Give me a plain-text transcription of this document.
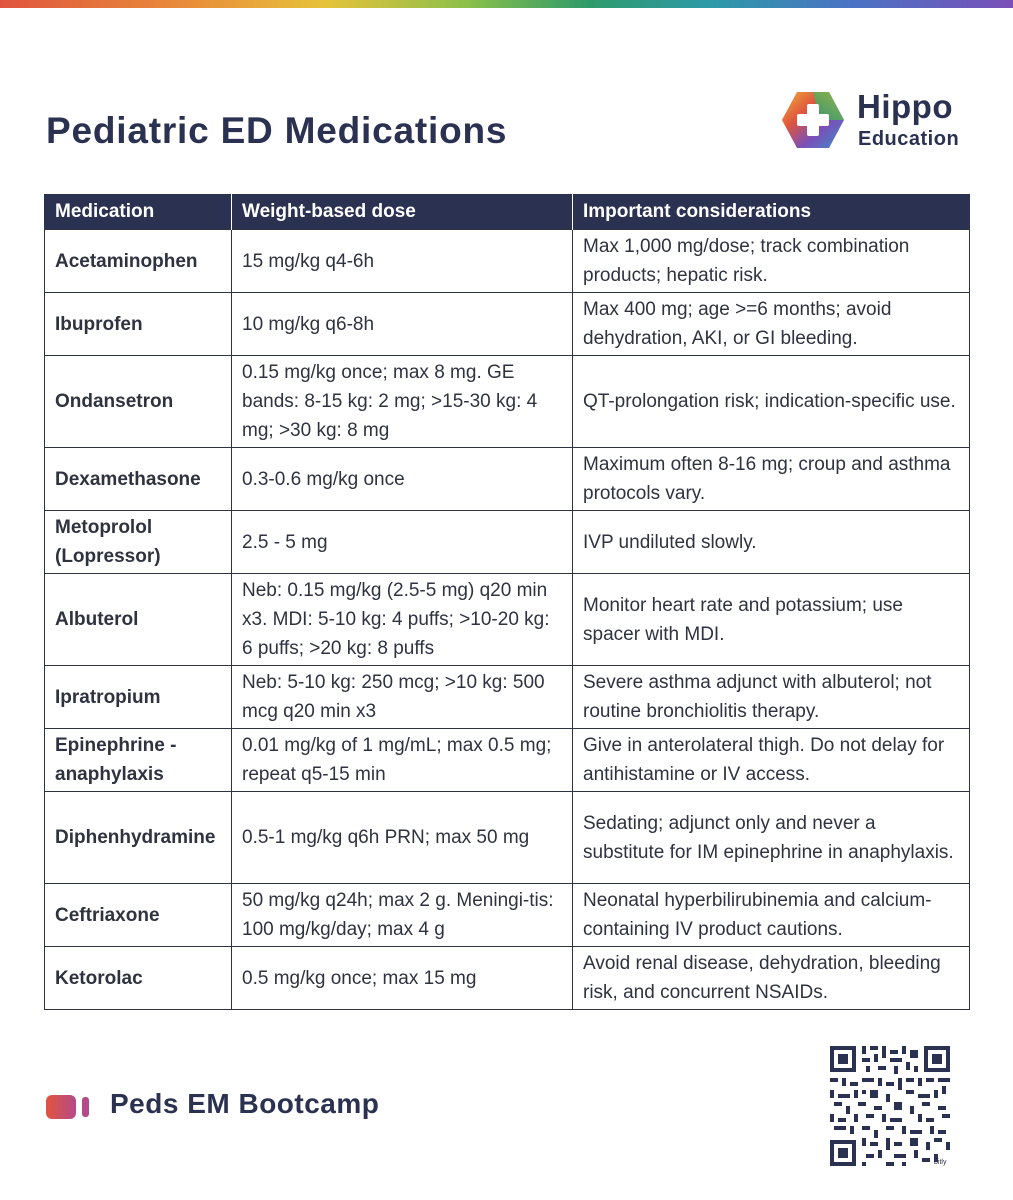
Pediatric ED Medications
Hippo
Education
Medication	Weight-based dose	Important considerations
Acetaminophen	15 mg/kg q4-6h	Max 1,000 mg/dose; track combination products; hepatic risk.
Ibuprofen	10 mg/kg q6-8h	Max 400 mg; age >=6 months; avoid dehydration, AKI, or GI bleeding.
Ondansetron	0.15 mg/kg once; max 8 mg. GE bands: 8-15 kg: 2 mg; >15-30 kg: 4 mg; >30 kg: 8 mg	QT-prolongation risk; indication-specific use.
Dexamethasone	0.3-0.6 mg/kg once	Maximum often 8-16 mg; croup and asthma protocols vary.
Metoprolol (Lopressor)	2.5 - 5 mg	IVP undiluted slowly.
Albuterol	Neb: 0.15 mg/kg (2.5-5 mg) q20 min x3. MDI: 5-10 kg: 4 puffs; >10-20 kg: 6 puffs; >20 kg: 8 puffs	Monitor heart rate and potassium; use spacer with MDI.
Ipratropium	Neb: 5-10 kg: 250 mcg; >10 kg: 500 mcg q20 min x3	Severe asthma adjunct with albuterol; not routine bronchiolitis therapy.
Epinephrine - anaphylaxis	0.01 mg/kg of 1 mg/mL; max 0.5 mg; repeat q5-15 min	Give in anterolateral thigh. Do not delay for antihistamine or IV access.
Diphenhydramine	0.5-1 mg/kg q6h PRN; max 50 mg	Sedating; adjunct only and never a substitute for IM epinephrine in anaphylaxis.
Ceftriaxone	50 mg/kg q24h; max 2 g. Meningi-tis: 100 mg/kg/day; max 4 g	Neonatal hyperbilirubinemia and calcium-containing IV product cautions.
Ketorolac	0.5 mg/kg once; max 15 mg	Avoid renal disease, dehydration, bleeding risk, and concurrent NSAIDs.
Peds EM Bootcamp
bitly
